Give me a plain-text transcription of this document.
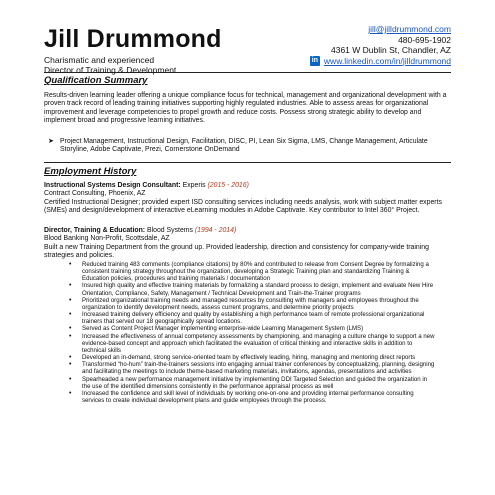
Jill Drummond
Charismatic and experienced
Director of Training & Development
jill@jilldrummond.com
480-695-1902
4361 W Dublin St, Chandler, AZ
in www.linkedin.com/in/jilldrummond
Qualification Summary

Results-driven learning leader offering a unique compliance focus for technical, management and organizational development with a proven track record of leading training initiatives supporting highly regulated industries. Able to assess areas for organizational improvement and leverage competencies to propel growth and reduce costs. Possess strong strategic ability to develop and implement broad and progressive learning initiatives.

➤ Project Management, Instructional Design, Facilitation, DISC, PI, Lean Six Sigma, LMS, Change Management, Articulate Storyline, Adobe Captivate, Prezi, Cornerstone OnDemand
Employment History
Instructional Systems Design Consultant: Experis (2015 - 2016)
Contract Consulting, Phoenix, AZ
Certified Instructional Designer; provided expert ISD consulting services including needs analysis, work with subject matter experts (SMEs) and design/development of interactive eLearning modules in Adobe Captivate. Key contributor to Intel 360° Project.
Director, Training & Education: Blood Systems (1994 - 2014)
Blood Banking Non-Profit, Scottsdale, AZ
Built a new Training Department from the ground up. Provided leadership, direction and consistency for company-wide training strategies and policies.
• Reduced training 483 comments (compliance citations) by 80% and contributed to release from Consent Degree by formalizing a consistent training strategy throughout the organization, developing a Strategic Training plan and standardizing Training & Education policies, procedures and training materials / documentation
• Insured high quality and effective training materials by formalizing a standard process to design, implement and evaluate New Hire Orientation, Compliance, Safety, Management / Technical Development and Train-the-Trainer programs
• Prioritized organizational training needs and managed resources by consulting with managers and employees throughout the organization to identify development needs, assess current programs, and determine priority projects
• Increased training delivery efficiency and quality by establishing a high performance team of remote professional organizational trainers that served our 18 geographically spread locations.
• Served as Content Project Manager implementing enterprise-wide Learning Management System (LMS)
• Increased the effectiveness of annual competency assessments by championing, and managing a culture change to support a new evidence-based concept and approach which facilitated the evaluation of critical thinking and interactive skills in addition to technical skills
• Developed an in-demand, strong service-oriented team by effectively leading, hiring, managing and mentoring direct reports
• Transformed “ho-hum” train-the-trainers sessions into engaging annual trainer conferences by conceptualizing, planning, designing and facilitating the meetings to include theme-based marketing materials, invitations, agendas, presentations and activities
• Spearheaded a new performance management initiative by implementing DDI Targeted Selection and guided the organization in the use of the identified dimensions consistently in the performance appraisal process as well
• Increased the confidence and skill level of individuals by working one-on-one and providing internal performance consulting services to create individual development plans and guide employees through the process.
